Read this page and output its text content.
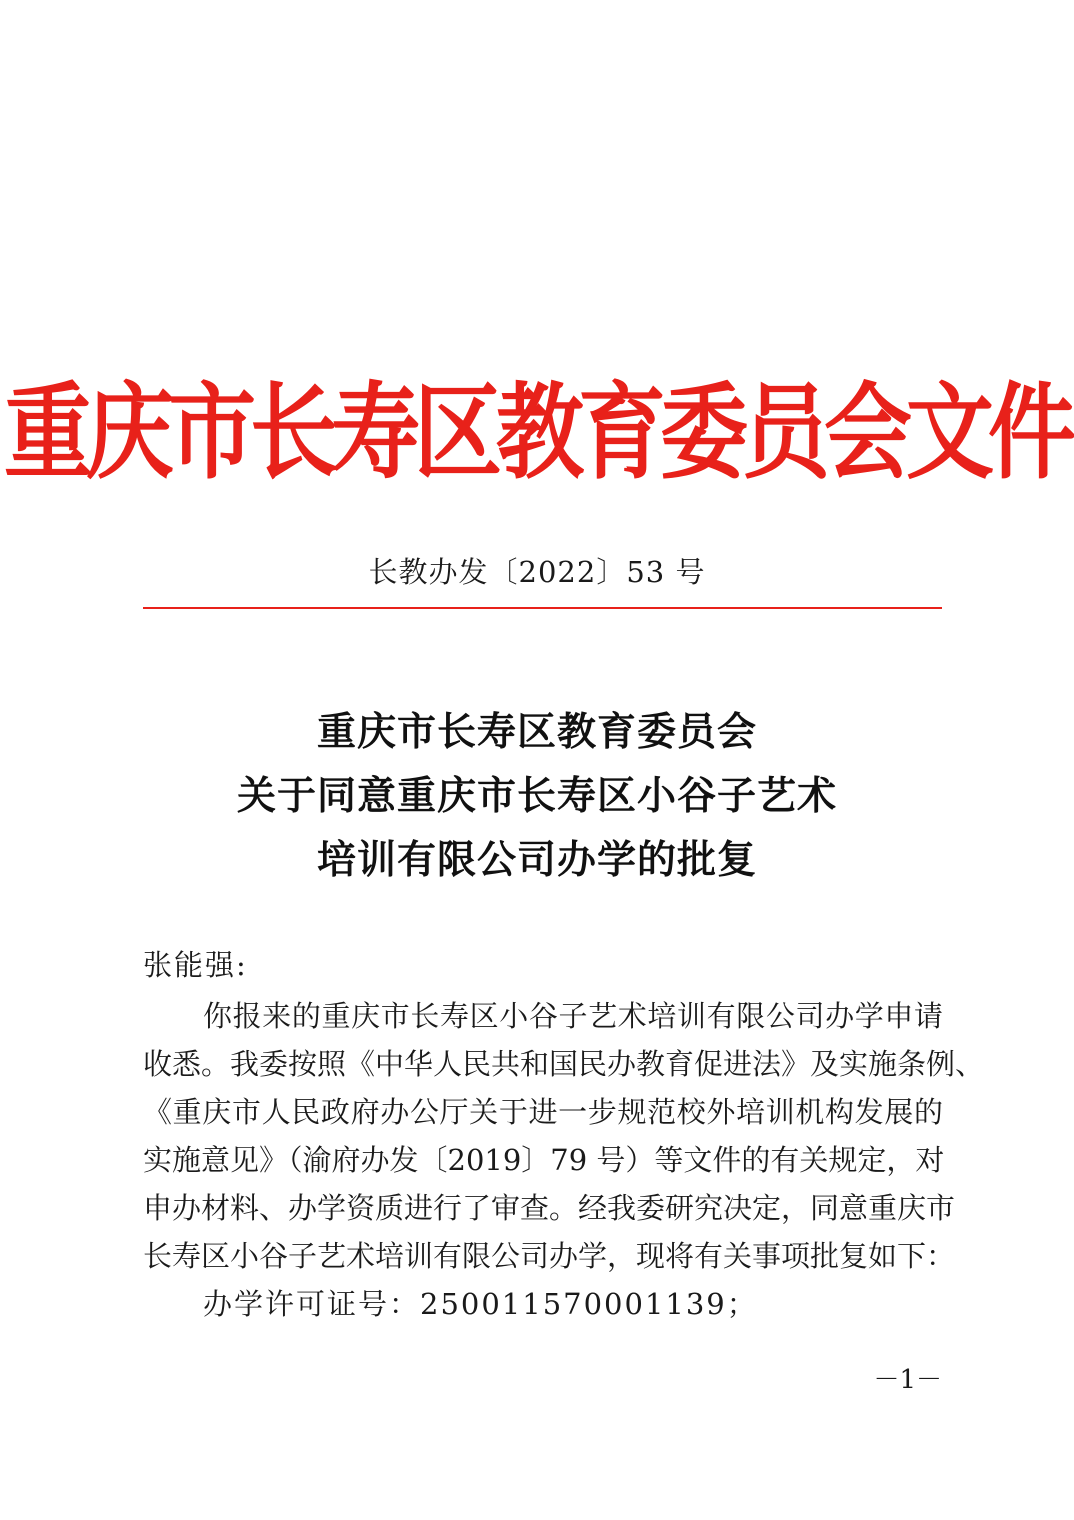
重庆市长寿区教育委员会文件
长教办发〔2022〕53 号
重庆市长寿区教育委员会
关于同意重庆市长寿区小谷子艺术
培训有限公司办学的批复
张能强:
你报来的重庆市长寿区小谷子艺术培训有限公司办学申请
收悉。我委按照《中华人民共和国民办教育促进法》及实施条例、
《重庆市人民政府办公厅关于进一步规范校外培训机构发展的
实施意见》（渝府办发〔2019〕79 号）等文件的有关规定，对
申办材料、办学资质进行了审查。经我委研究决定，同意重庆市
长寿区小谷子艺术培训有限公司办学，现将有关事项批复如下：
办学许可证号：250011570001139；
－1－
